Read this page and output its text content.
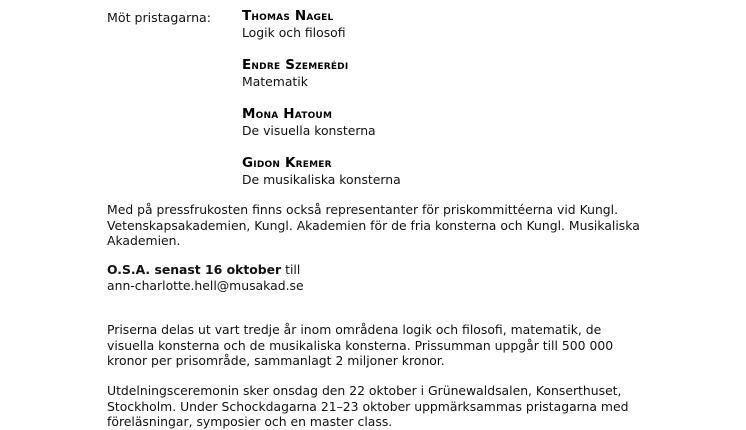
Möt pristagarna: Thomas Nagel
Logik och filosofi
Endre Szemerédi
Matematik
Mona Hatoum
De visuella konsterna
Gidon Kremer
De musikaliska konsterna
Med på pressfrukosten finns också representanter för priskommittéerna vid Kungl. Vetenskapsakademien, Kungl. Akademien för de fria konsterna och Kungl. Musikaliska Akademien.
O.S.A. senast 16 oktober till
ann-charlotte.hell@musakad.se
Priserna delas ut vart tredje år inom områdena logik och filosofi, matematik, de visuella konsterna och de musikaliska konsterna. Prissumman uppgår till 500 000 kronor per prisområde, sammanlagt 2 miljoner kronor.
Utdelningsceremonin sker onsdag den 22 oktober i Grünewaldsalen, Konserthuset, Stockholm. Under Schockdagarna 21–23 oktober uppmärksammas pristagarna med föreläsningar, symposier och en master class.
